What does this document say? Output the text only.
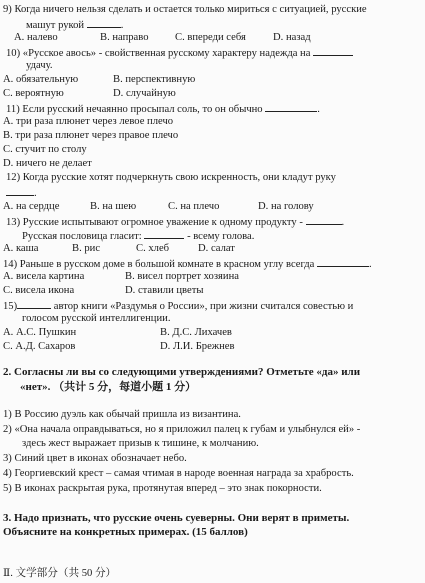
9) Когда ничего нельзя сделать и остается только мириться с ситуацией, русские
машут рукой	.
А. налево	B. направо	C. впереди себя	D. назад
10) «Русское авось» - свойственная русскому характеру надежда на
удачу.
A. обязательную	B. перспективную
C. вероятную	D. случайную
11) Если русский нечаянно просыпал соль, то он обычно	.
А. три раза плюнет через левое плечо
B. три раза плюнет через правое плечо
C. стучит по столу
D. ничего не делает
12) Когда русские хотят подчеркнуть свою искренность, они кладут руку
.
А. на сердце	B. на шею	C. на плечо	D. на голову
13) Русские испытывают огромное уважение к одному продукту -	.
Русская пословица гласит:	- всему голова.
A. каша	B. рис	C. хлеб	D. салат
14) Раньше в русском доме в большой комнате в красном углу всегда	.
A. висела картина	B. висел портрет хозяина
C. висела икона	D. ставили цветы
15)	автор книги «Раздумья о России», при жизни считался совестью и
голосом русской интеллигенции.
A. А.С. Пушкин	B. Д.С. Лихачев
C. А.Д. Сахаров	D. Л.И. Брежнев
2. Согласны ли вы со следующими утверждениями? Отметьте «да» или
«нет». （共计 5 分，每道小题 1 分）
1) В Россию дуэль как обычай пришла из византина.
2) «Она начала оправдываться, но я приложил палец к губам и улыбнулся ей» -
здесь жест выражает призыв к тишине, к молчанию.
3) Синий цвет в иконах обозначает небо.
4) Георгиевский крест – самая чтимая в народе военная награда за храбрость.
5) В иконах раскрытая рука, протянутая вперед – это знак покорности.
3. Надо признать, что русские очень суеверны. Они верят в приметы.
Объясните на конкретных примерах. (15 баллов)
Ⅱ. 文学部分（共 50 分）
